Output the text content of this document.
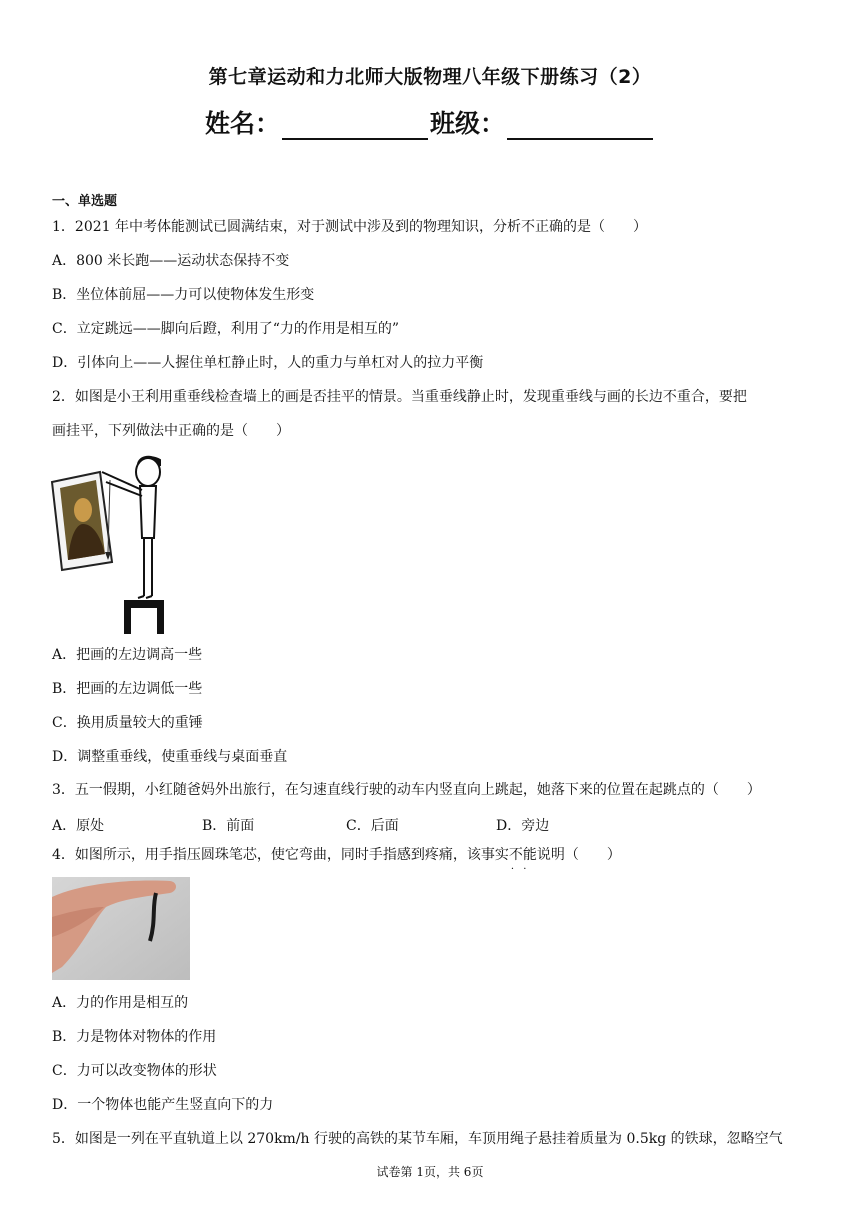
第七章运动和力北师大版物理八年级下册练习（2）
姓名：	班级：
一、单选题
1．2021 年中考体能测试已圆满结束，对于测试中涉及到的物理知识，分析不正确的是（　　）
A．800 米长跑——运动状态保持不变
B．坐位体前屈——力可以使物体发生形变
C．立定跳远——脚向后蹬，利用了“力的作用是相互的”
D．引体向上——人握住单杠静止时，人的重力与单杠对人的拉力平衡
2．如图是小王利用重垂线检查墙上的画是否挂平的情景。当重垂线静止时，发现重垂线与画的长边不重合，要把
画挂平，下列做法中正确的是（　　）
A．把画的左边调高一些
B．把画的左边调低一些
C．换用质量较大的重锤
D．调整重垂线，使重垂线与桌面垂直
3．五一假期，小红随爸妈外出旅行，在匀速直线行驶的动车内竖直向上跳起，她落下来的位置在起跳点的（　　）
A．原处	B．前面	C．后面	D．旁边
4．如图所示，用手指压圆珠笔芯，使它弯曲，同时手指感到疼痛，该事实不能 · ·说明（　　）
A．力的作用是相互的
B．力是物体对物体的作用
C．力可以改变物体的形状
D．一个物体也能产生竖直向下的力
5．如图是一列在平直轨道上以 270km/h 行驶的高铁的某节车厢，车顶用绳子悬挂着质量为 0.5kg 的铁球，忽略空气
试卷第 1页，共 6页
